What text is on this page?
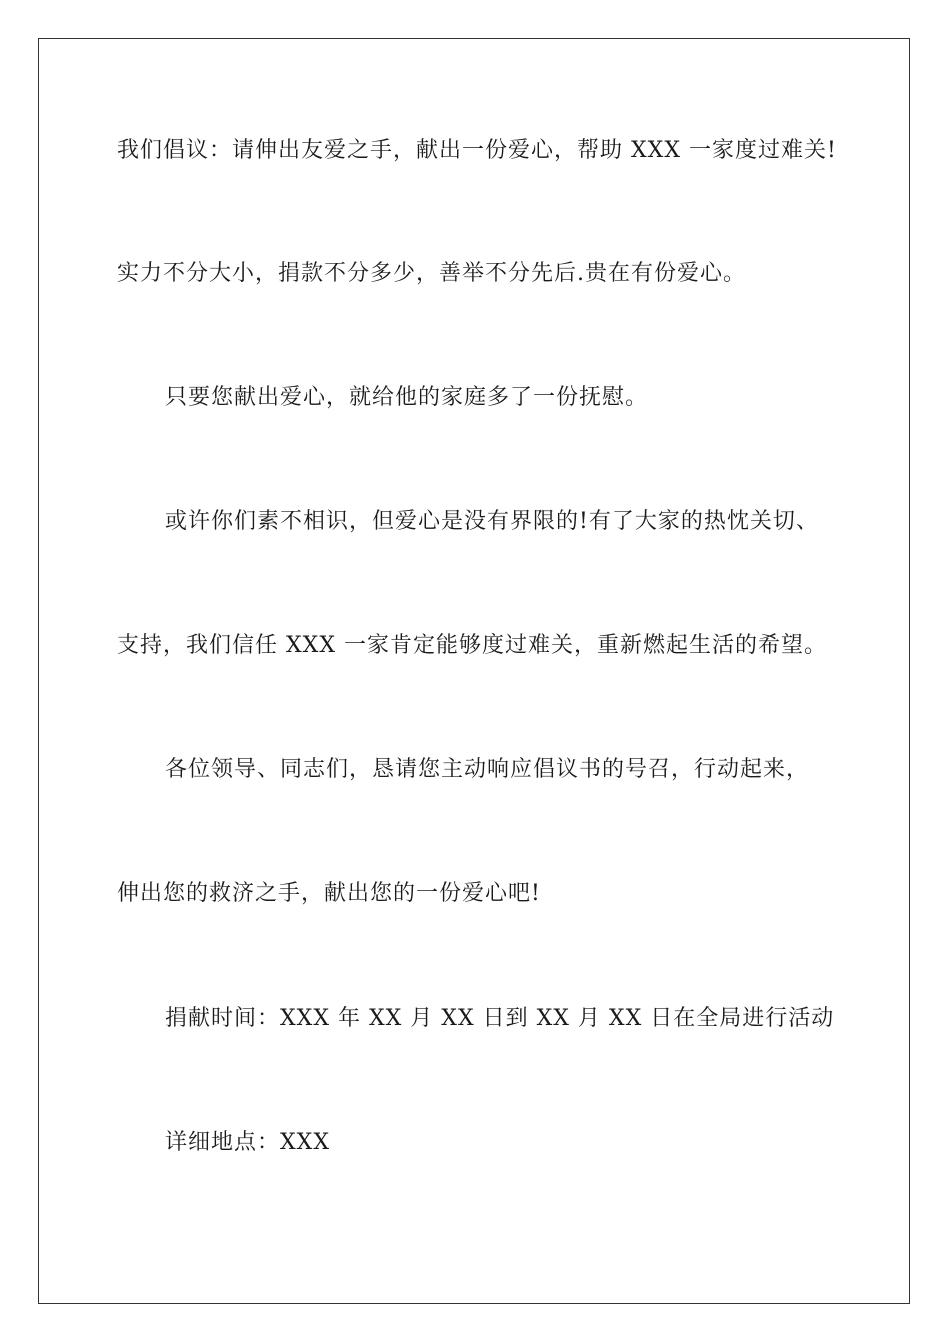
我们倡议：请伸出友爱之手，献出一份爱心，帮助 XXX 一家度过难关!
实力不分大小，捐款不分多少，善举不分先后.贵在有份爱心。
只要您献出爱心，就给他的家庭多了一份抚慰。
或许你们素不相识，但爱心是没有界限的!有了大家的热忱关切、
支持，我们信任 XXX 一家肯定能够度过难关，重新燃起生活的希望。
各位领导、同志们，恳请您主动响应倡议书的号召，行动起来，
伸出您的救济之手，献出您的一份爱心吧!
捐献时间：XXX 年 XX 月 XX 日到 XX 月 XX 日在全局进行活动
详细地点：XXX
